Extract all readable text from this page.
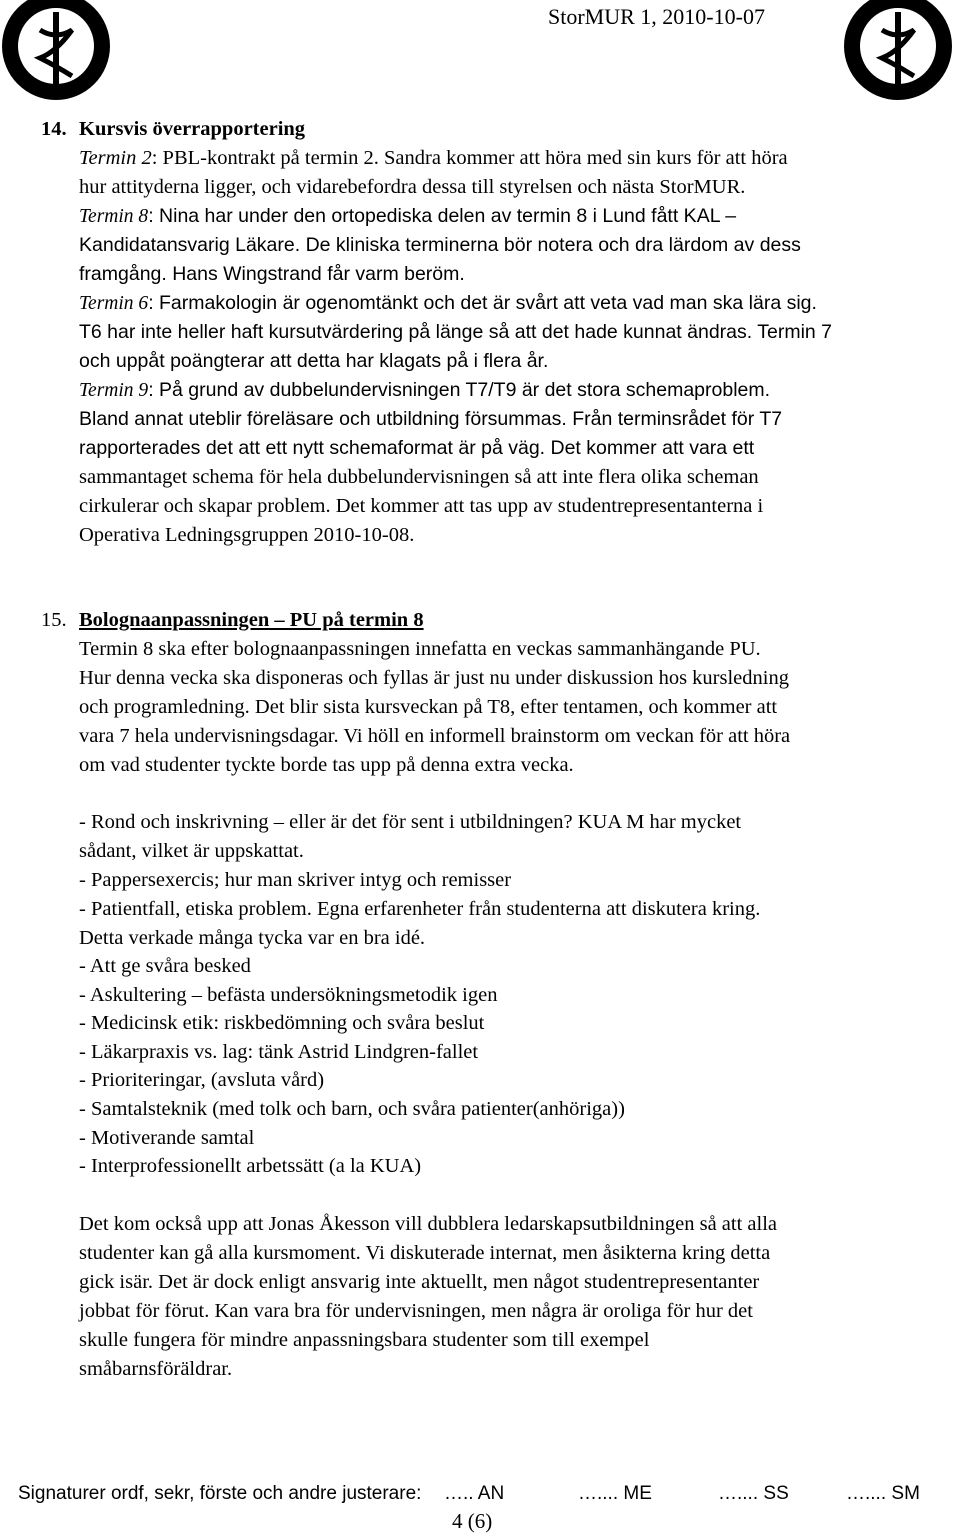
StorMUR 1, 2010-10-07
14. Kursvis överrapportering
Termin 2: PBL-kontrakt på termin 2. Sandra kommer att höra med sin kurs för att höra
hur attityderna ligger, och vidarebefordra dessa till styrelsen och nästa StorMUR.
Termin 8: Nina har under den ortopediska delen av termin 8 i Lund fått KAL –
Kandidatansvarig Läkare. De kliniska terminerna bör notera och dra lärdom av dess
framgång. Hans Wingstrand får varm beröm.
Termin 6: Farmakologin är ogenomtänkt och det är svårt att veta vad man ska lära sig.
T6 har inte heller haft kursutvärdering på länge så att det hade kunnat ändras. Termin 7
och uppåt poängterar att detta har klagats på i flera år.
Termin 9: På grund av dubbelundervisningen T7/T9 är det stora schemaproblem.
Bland annat uteblir föreläsare och utbildning försummas. Från terminsrådet för T7
rapporterades det att ett nytt schemaformat är på väg. Det kommer att vara ett
sammantaget schema för hela dubbelundervisningen så att inte flera olika scheman
cirkulerar och skapar problem. Det kommer att tas upp av studentrepresentanterna i
Operativa Ledningsgruppen 2010-10-08.
15. Bolognaanpassningen – PU på termin 8
Termin 8 ska efter bolognaanpassningen innefatta en veckas sammanhängande PU.
Hur denna vecka ska disponeras och fyllas är just nu under diskussion hos kursledning
och programledning. Det blir sista kursveckan på T8, efter tentamen, och kommer att
vara 7 hela undervisningsdagar. Vi höll en informell brainstorm om veckan för att höra
om vad studenter tyckte borde tas upp på denna extra vecka.
- Rond och inskrivning – eller är det för sent i utbildningen? KUA M har mycket
sådant, vilket är uppskattat.
- Pappersexercis; hur man skriver intyg och remisser
- Patientfall, etiska problem. Egna erfarenheter från studenterna att diskutera kring.
Detta verkade många tycka var en bra idé.
- Att ge svåra besked
- Askultering – befästa undersökningsmetodik igen
- Medicinsk etik: riskbedömning och svåra beslut
- Läkarpraxis vs. lag: tänk Astrid Lindgren-fallet
- Prioriteringar, (avsluta vård)
- Samtalsteknik (med tolk och barn, och svåra patienter(anhöriga))
- Motiverande samtal
- Interprofessionellt arbetssätt (a la KUA)
Det kom också upp att Jonas Åkesson vill dubblera ledarskapsutbildningen så att alla
studenter kan gå alla kursmoment. Vi diskuterade internat, men åsikterna kring detta
gick isär. Det är dock enligt ansvarig inte aktuellt, men något studentrepresentanter
jobbat för förut. Kan vara bra för undervisningen, men några är oroliga för hur det
skulle fungera för mindre anpassningsbara studenter som till exempel
småbarnsföräldrar.
Signaturer ordf, sekr, förste och andre justerare: ….. AN	….... ME	….... SS	….... SM
4 (6)
